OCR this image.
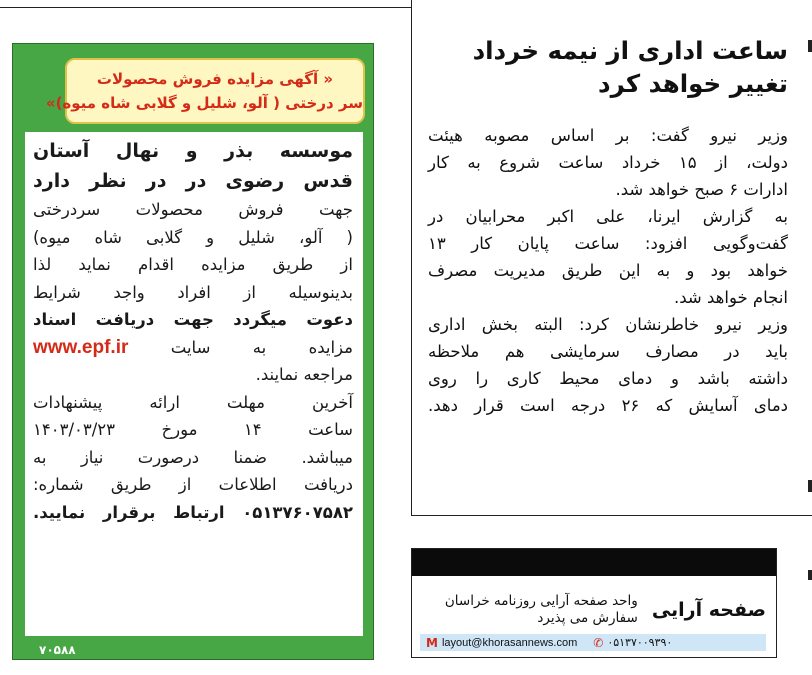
« آگهی مزایده فروش محصولات
سر درختی ( آلو، شلیل و گلابی شاه میوه)»
موسسه بذر و نهال آستان
قدس رضوی در در نظر دارد
جهت فروش محصولات سردرختی
( آلو، شلیل و گلابی شاه میوه)
از طریق مزایده اقدام نماید لذا
بدینوسیله از افراد واجد شرایط
دعوت میگردد جهت دریافت اسناد
مزایده به سایت www.epf.ir
مراجعه نمایند.
آخرین مهلت ارائه پیشنهادات
ساعت ۱۴ مورخ ۱۴۰۳/۰۳/۲۳
میباشد. ضمنا درصورت نیاز به
دریافت اطلاعات از طریق شماره:
۰۵۱۳۷۶۰۷۵۸۲ ارتباط برقرار نمایید.
۷۰۵۸۸
ساعت اداری از نیمه خرداد
تغییر خواهد کرد
وزیر نیرو گفت: بر اساس مصوبه هیئت
دولت، از ۱۵ خرداد ساعت شروع به کار
ادارات ۶ صبح خواهد شد.
به گزارش ایرنا، علی اکبر محرابیان در
گفت‌وگویی افزود: ساعت پایان کار ۱۳
خواهد بود و به این طریق مدیریت مصرف
انجام خواهد شد.
وزیر نیرو خاطرنشان کرد: البته بخش اداری
باید در مصارف سرمایشی هم ملاحظه
داشته باشد و دمای محیط کاری را روی
دمای آسایش که ۲۶ درجه است قرار دهد.
صفحه آرایی
واحد صفحه آرایی روزنامه خراسان
سفارش می پذیرد
M layout@khorasannews.com ✆ ۰۵۱۳۷۰۰۹۳۹۰
